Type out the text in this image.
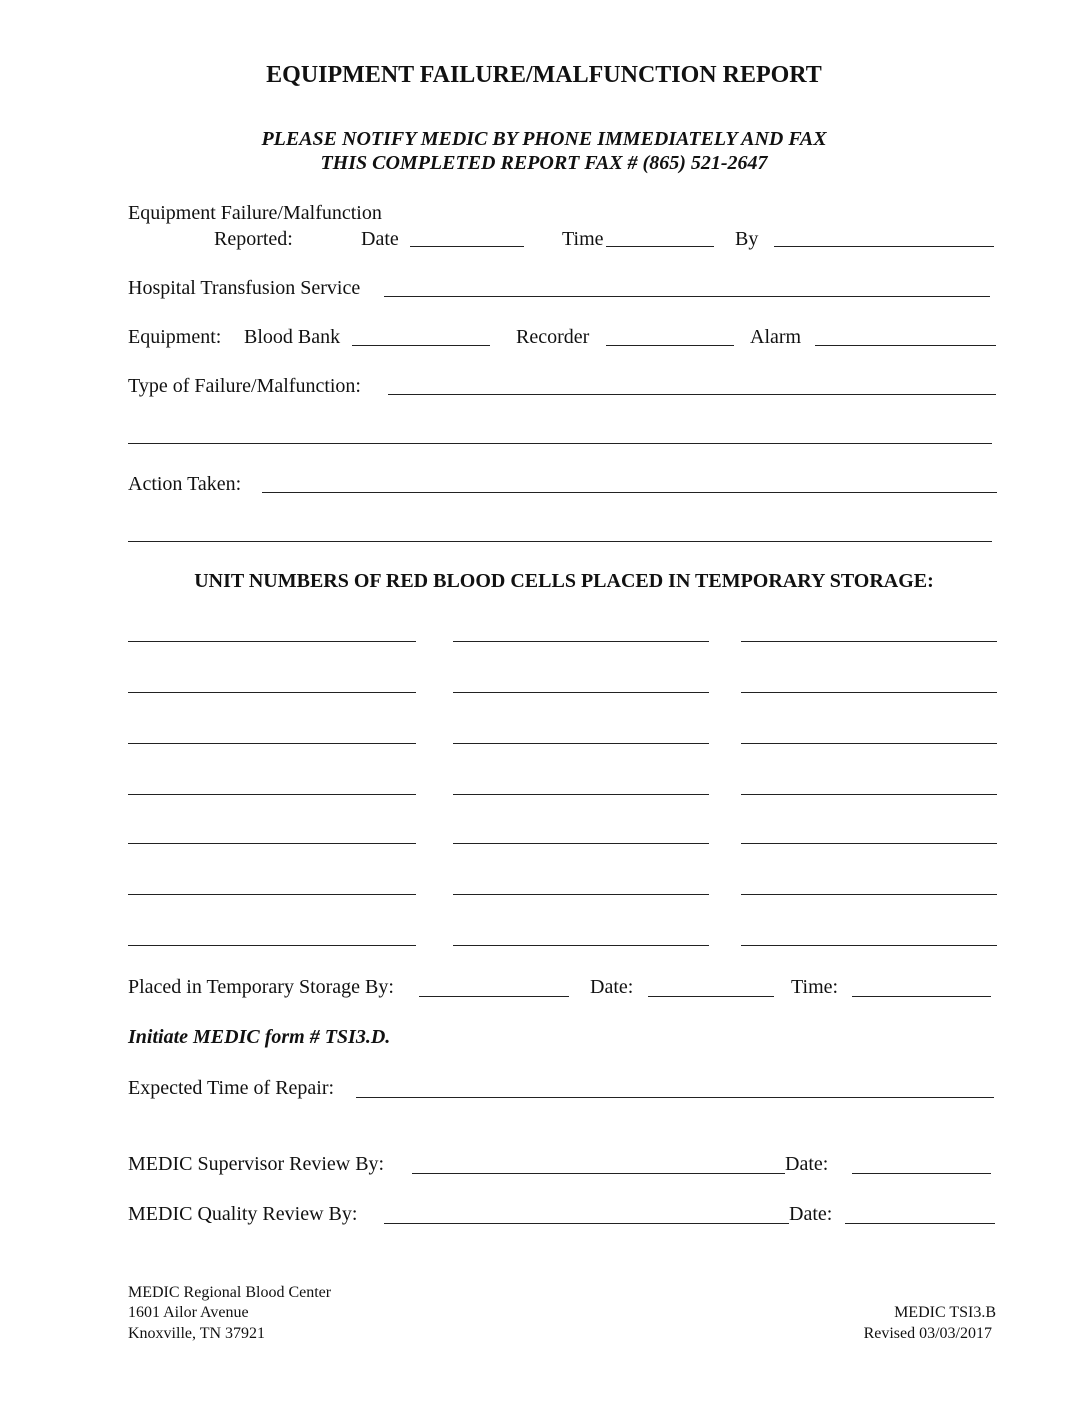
EQUIPMENT FAILURE/MALFUNCTION REPORT
PLEASE NOTIFY MEDIC BY PHONE IMMEDIATELY AND FAX
THIS COMPLETED REPORT FAX # (865) 521-2647
Equipment Failure/Malfunction
Reported:	Date	Time	By
Hospital Transfusion Service
Equipment: Blood Bank	Recorder	Alarm
Type of Failure/Malfunction:
Action Taken:
UNIT NUMBERS OF RED BLOOD CELLS PLACED IN TEMPORARY STORAGE:
Placed in Temporary Storage By:	Date:	Time:
Initiate MEDIC form # TSI3.D.
Expected Time of Repair:
MEDIC Supervisor Review By:	Date:
MEDIC Quality Review By:	Date:
MEDIC Regional Blood Center
1601 Ailor Avenue
Knoxville, TN 37921
MEDIC TSI3.B
Revised 03/03/2017
